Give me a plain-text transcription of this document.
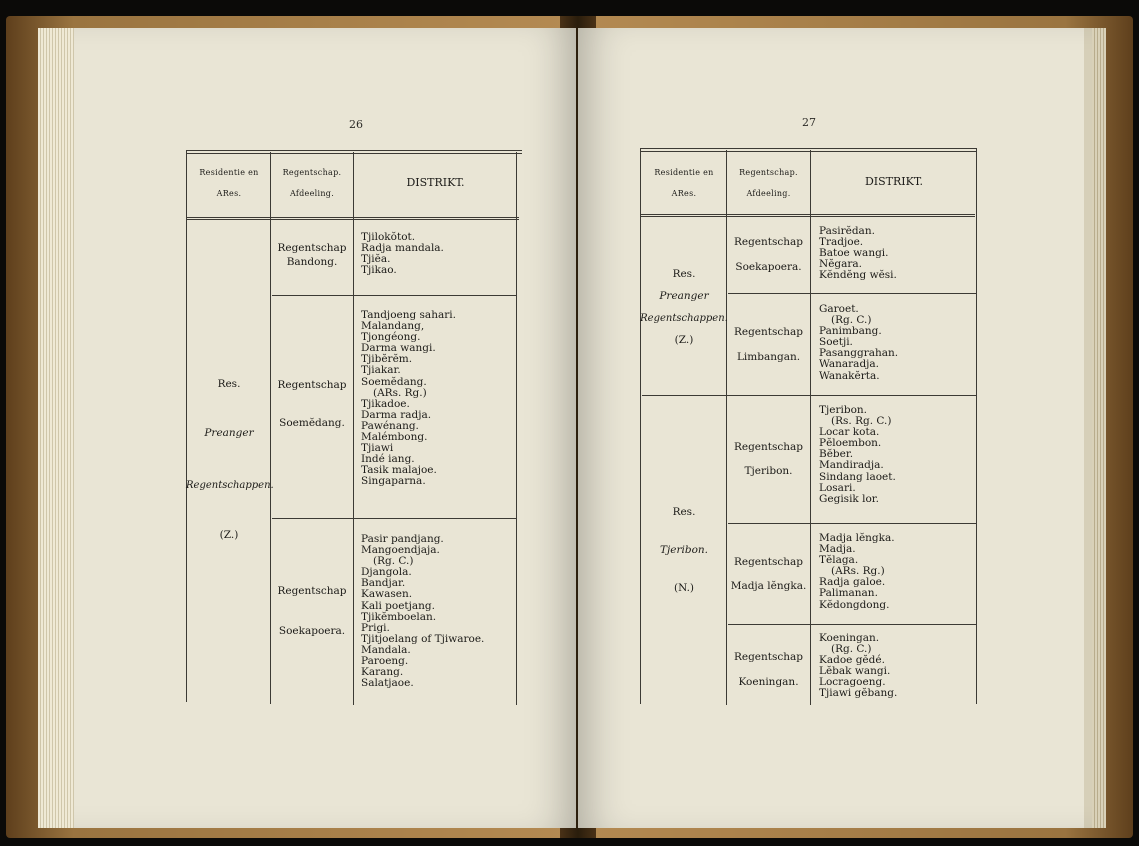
26
Residentie en
ARes.
Regentschap.
Afdeeling.
DISTRIKT.
Res.
Preanger
Regentschappen.
(Z.)
Regentschap
Bandong.
Regentschap
Soemĕdang.
Regentschap
Soekapoera.
Tjilokŏtot.
Radja mandala.
Tjiĕa.
Tjikao.
Tandjoeng sahari.
Malandang,
Tjongéong.
Darma wangi.
Tjibĕrĕm.
Tjiakar.
Soemĕdang.
(ARs. Rg.)
Tjikadoe.
Darma radja.
Pawénang.
Malémbong.
Tjiawi
Indé iang.
Tasik malajoe.
Singaparna.
Pasir pandjang.
Mangoendjaja.
(Rg. C.)
Djangola.
Bandjar.
Kawasen.
Kali poetjang.
Tjikĕmboelan.
Prigi.
Tjitjoelang of Tjiwaroe.
Mandala.
Paroeng.
Karang.
Salatjaoe.
27
Residentie en
ARes.
Regentschap.
Afdeeling.
DISTRIKT.
Res.
Preanger
Regentschappen.
(Z.)
Res.
Tjeribon.
(N.)
Regentschap
Soekapoera.
Regentschap
Limbangan.
Regentschap
Tjeribon.
Regentschap
Madja lĕngka.
Regentschap
Koeningan.
Pasirĕdan.
Tradjoe.
Batoe wangi.
Nĕgara.
Kĕndĕng wĕsi.
Garoet.
(Rg. C.)
Panimbang.
Soetji.
Pasanggrahan.
Wanaradja.
Wanakĕrta.
Tjeribon.
(Rs. Rg. C.)
Locar kota.
Pĕloembon.
Bĕber.
Mandiradja.
Sindang laoet.
Losari.
Gegisik lor.
Madja lĕngka.
Madja.
Tĕlaga.
(ARs. Rg.)
Radja galoe.
Palimanan.
Kĕdongdong.
Koeningan.
(Rg. C.)
Kadoe gĕdé.
Lĕbak wangi.
Locragoeng.
Tjiawi gĕbang.
